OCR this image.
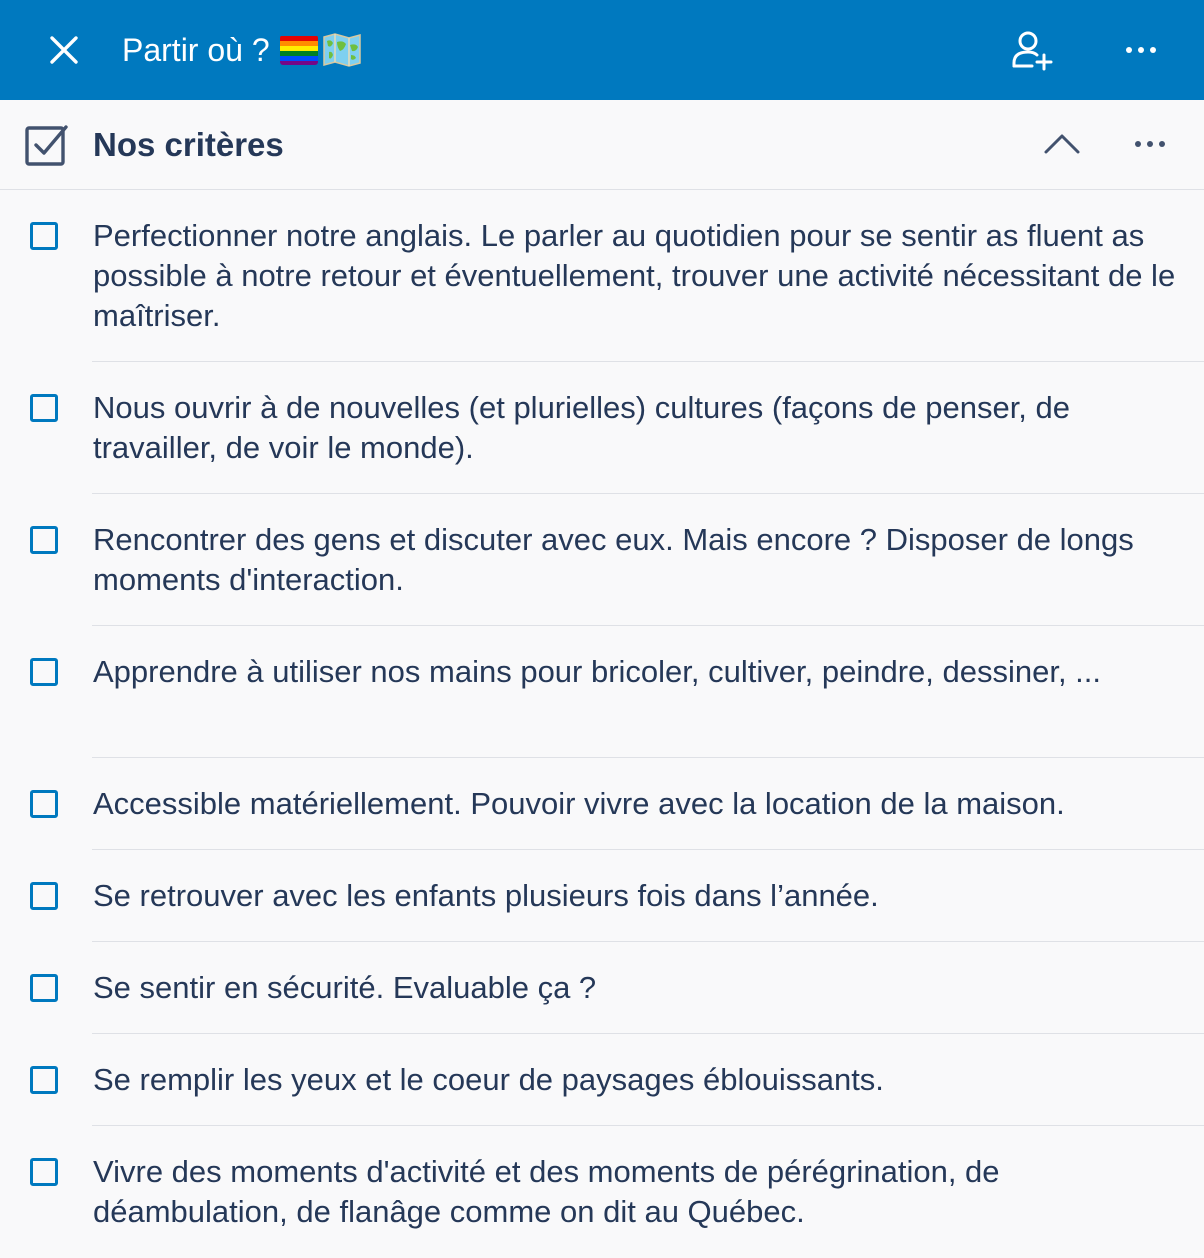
Partir où ?
Nos critères
Perfectionner notre anglais. Le parler au quotidien pour se sentir as fluent as possible à notre retour et éventuellement, trouver une activité nécessitant de le maîtriser.
Nous ouvrir à de nouvelles (et plurielles) cultures (façons de penser, de travailler, de voir le monde).
Rencontrer des gens et discuter avec eux. Mais encore ? Disposer de longs moments d'interaction.
Apprendre à utiliser nos mains pour bricoler, cultiver, peindre, dessiner, ...
Accessible matériellement. Pouvoir vivre avec la location de la maison.
Se retrouver avec les enfants plusieurs fois dans l’année.
Se sentir en sécurité. Evaluable ça ?
Se remplir les yeux et le coeur de paysages éblouissants.
Vivre des moments d'activité et des moments de pérégrination, de déambulation, de flanâge comme on dit au Québec.
